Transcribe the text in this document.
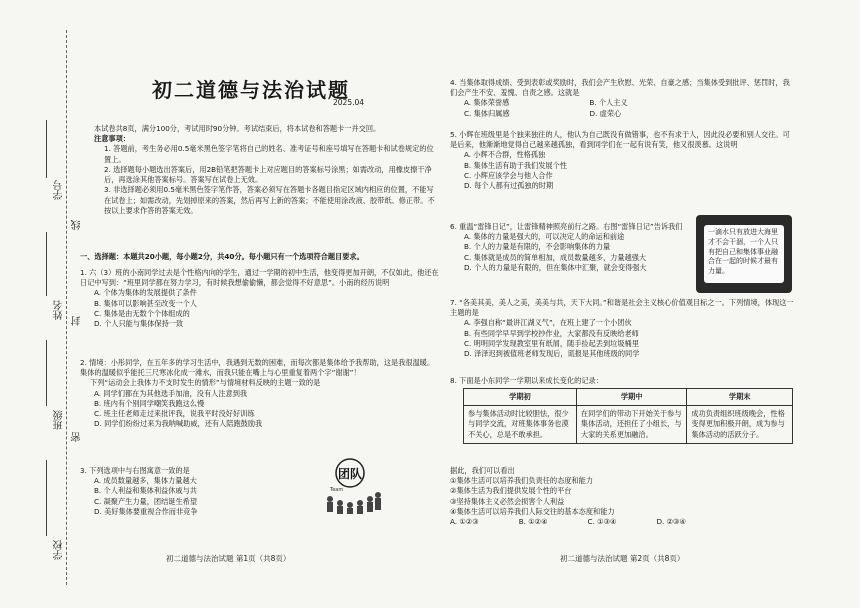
学号
姓名
班级
学校
密
封
线
初二道德与法治试题
2025.04

本试卷共8页，满分100分，考试用时90分钟。考试结束后，将本试卷和答题卡一并交回。

注意事项：

1. 答题前，考生务必用0.5毫米黑色签字笔将自己的姓名、准考证号和座号填写在答题卡和试卷规定的位置上。

2. 选择题每小题选出答案后，用2B铅笔把答题卡上对应题目的答案标号涂黑；如需改动，用橡皮擦干净后，再选涂其他答案标号。答案写在试卷上无效。

3. 非选择题必须用0.5毫米黑色签字笔作答，答案必须写在答题卡各题目指定区域内相应的位置，不能写在试卷上；如需改动，先划掉原来的答案，然后再写上新的答案；不能使用涂改液、胶带纸、修正带。不按以上要求作答的答案无效。

一、选择题：本题共20小题，每小题2分，共40分。每小题只有一个选项符合题目要求。

1. 六（3）班的小南同学过去是个性格内向的学生，通过一学期的初中生活，他变得更加开朗，不仅如此，他还在日记中写到：“班里同学都在努力学习，有时候我想偷偷懒，都会觉得不好意思”。小南的经历说明

A. 个体为集体的发展提供了条件

B. 集体可以影响甚至改变一个人

C. 集体是由无数个个体组成的

D. 个人只能与集体保持一致

2. 情境：小彤同学，在五年多的学习生活中，我遇到无数的困难，而每次都是集体给予我帮助，这是我很温暖。集体的温暖似乎能托三尺寒冰化成一滩水，而我只能在嘴上与心里重复着两个字“谢谢”！

下列“运动会上我体力不支时发生的情形”与情境材料反映的主题一致的是

A. 同学们都在为其他选手加油，没有人注意到我

B. 班内有个别同学嘲笑我跑这么慢

C. 班主任老师走过来批评我，说我平时没好好训练

D. 同学们纷纷过来为我呐喊助威，还有人陪跑鼓励我

3. 下列选项中与右图寓意一致的是

A. 成员数量越多，集体力量越大

B. 个人利益和集体利益休戚与共

C. 凝聚产生力量，团结诞生希望

D. 美好集体要重视合作而非竞争

团队
Team
初二道德与法治试题 第1页（共8页）

4. 当集体取得成绩、受到表彰或奖励时，我们会产生欣慰、光荣、自豪之感；当集体受到批评、惩罚时，我们会产生不安、羞愧、自责之感。这就是

A. 集体荣誉感	B. 个人主义

C. 集体归属感	D. 虚荣心

5. 小辉在班级里是个独来独往的人，他认为自己既没有做错事，也不有求于人，因此没必要和别人交往。可是后来，他渐渐地觉得自己越来越孤独，看到同学们在一起有说有笑，他又很羡慕。这说明

A. 小辉不合群，性格孤独

B. 集体生活有助于我们发展个性

C. 小辉应该学会与他人合作

D. 每个人都有过孤独的时期

6. 重温“雷锋日记”，让雷锋精神照亮前行之路。右图“雷锋日记”告诉我们

A. 集体的力量是强大的，可以决定人的命运和前途

B. 个人的力量是有限的，不会影响集体的力量

C. 集体就是成员的简单相加，成员数量越多，力量越强大

D. 个人的力量是有限的，但在集体中汇聚，就会变得强大

7. “各美其美，美人之美，美美与共，天下大同。”和谐是社会主义核心价值观目标之一。下列情境，体现这一主题的是

A. 李强自称“最讲江湖义气”，在班上建了一个小团伙

B. 有些同学早早到学校抄作业，大家都没有反映给老师

C. 明明同学发现教室里有纸屑，随手捡起丢到垃圾桶里

D. 泽泽迟到被值班老师发现后，谎报是其他班级的同学

8. 下面是小东同学一学期以来成长变化的记录：

据此，我们可以看出

①集体生活可以培养我们负责任的态度和能力

②集体生活为我们提供发展个性的平台

③坚持集体主义必然会损害个人利益

④集体生活可以培养我们人际交往的基本态度和能力

A. ①②③	B. ①②④	C. ①③④	D. ②③④

一滴水只有放进大海里才不会干涸，一个人只有把自己和集体事业融合在一起的时候才最有力量。
学期初	学期中	学期末
参与集体活动时比较胆怯，很少与同学交流，对班集体事务也漠不关心，总是不敢承担。	在同学们的带动下开始关于参与集体活动，还担任了小组长，与大家的关系更加融洽。	成功负责组织班级晚会，性格变得更加积极开朗，成为参与集体活动的活跃分子。
初二道德与法治试题 第2页（共8页）
